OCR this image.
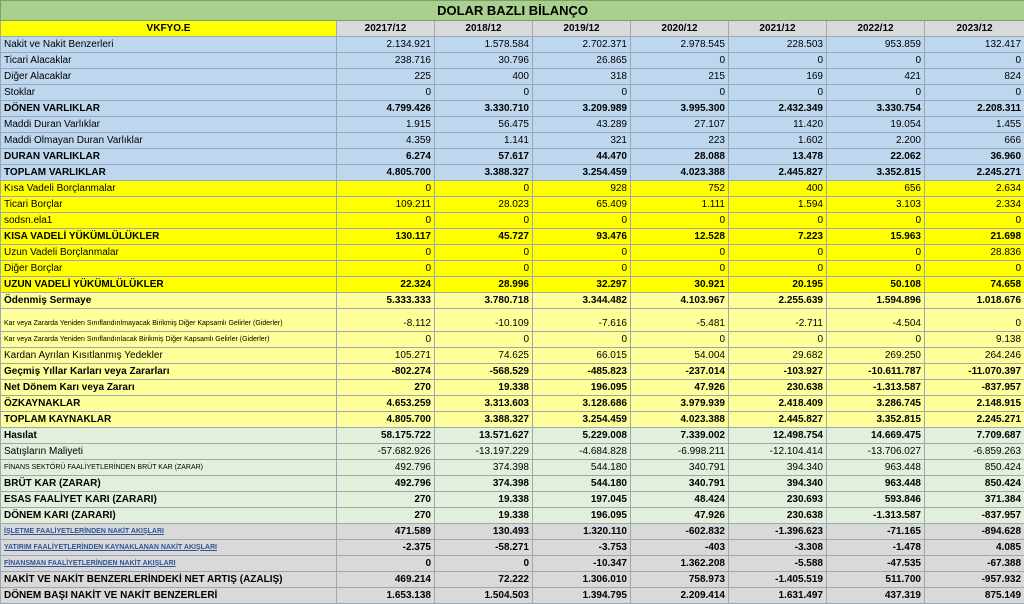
DOLAR BAZLI BİLANÇO							
VKFYO.E	20217/12	2018/12	2019/12	2020/12	2021/12	2022/12	2023/12
Nakit ve Nakit Benzerleri	2.134.921	1.578.584	2.702.371	2.978.545	228.503	953.859	132.417
Ticari Alacaklar	238.716	30.796	26.865	0	0	0	0
Diğer Alacaklar	225	400	318	215	169	421	824
Stoklar	0	0	0	0	0	0	0
DÖNEN VARLIKLAR	4.799.426	3.330.710	3.209.989	3.995.300	2.432.349	3.330.754	2.208.311
Maddi Duran Varlıklar	1.915	56.475	43.289	27.107	11.420	19.054	1.455
Maddi Olmayan Duran Varlıklar	4.359	1.141	321	223	1.602	2.200	666
DURAN VARLIKLAR	6.274	57.617	44.470	28.088	13.478	22.062	36.960
TOPLAM VARLIKLAR	4.805.700	3.388.327	3.254.459	4.023.388	2.445.827	3.352.815	2.245.271
Kısa Vadeli Borçlanmalar	0	0	928	752	400	656	2.634
Ticari Borçlar	109.211	28.023	65.409	1.111	1.594	3.103	2.334
sodsn.ela1	0	0	0	0	0	0	0
KISA VADELİ YÜKÜMLÜLÜKLER	130.117	45.727	93.476	12.528	7.223	15.963	21.698
Uzun Vadeli Borçlanmalar	0	0	0	0	0	0	28.836
Diğer Borçlar	0	0	0	0	0	0	0
UZUN VADELİ YÜKÜMLÜLÜKLER	22.324	28.996	32.297	30.921	20.195	50.108	74.658
Ödenmiş Sermaye	5.333.333	3.780.718	3.344.482	4.103.967	2.255.639	1.594.896	1.018.676
Kar veya Zararda Yeniden Sınıflandırılmayacak Birikmiş Diğer Kapsamlı Gelirler (Giderler)	-8.112	-10.109	-7.616	-5.481	-2.711	-4.504	0
Kar veya Zararda Yeniden Sınıflandırılacak Birikmiş Diğer Kapsamlı Gelirler (Giderler)	0	0	0	0	0	0	9.138
Kardan Ayrılan Kısıtlanmış Yedekler	105.271	74.625	66.015	54.004	29.682	269.250	264.246
Geçmiş Yıllar Karları veya Zararları	-802.274	-568.529	-485.823	-237.014	-103.927	-10.611.787	-11.070.397
Net Dönem Karı veya Zararı	270	19.338	196.095	47.926	230.638	-1.313.587	-837.957
ÖZKAYNAKLAR	4.653.259	3.313.603	3.128.686	3.979.939	2.418.409	3.286.745	2.148.915
TOPLAM KAYNAKLAR	4.805.700	3.388.327	3.254.459	4.023.388	2.445.827	3.352.815	2.245.271
Hasılat	58.175.722	13.571.627	5.229.008	7.339.002	12.498.754	14.669.475	7.709.687
Satışların Maliyeti	-57.682.926	-13.197.229	-4.684.828	-6.998.211	-12.104.414	-13.706.027	-6.859.263
FİNANS SEKTÖRÜ FAALİYETLERİNDEN BRÜT KAR (ZARAR)	492.796	374.398	544.180	340.791	394.340	963.448	850.424
BRÜT KAR (ZARAR)	492.796	374.398	544.180	340.791	394.340	963.448	850.424
ESAS FAALİYET KARI (ZARARI)	270	19.338	197.045	48.424	230.693	593.846	371.384
DÖNEM KARI (ZARARI)	270	19.338	196.095	47.926	230.638	-1.313.587	-837.957
İŞLETME FAALİYETLERİNDEN NAKİT AKIŞLARI	471.589	130.493	1.320.110	-602.832	-1.396.623	-71.165	-894.628
YATIRIM FAALİYETLERİNDEN KAYNAKLANAN NAKİT AKIŞLARI	-2.375	-58.271	-3.753	-403	-3.308	-1.478	4.085
FİNANSMAN FAALİYETLERİNDEN NAKİT AKIŞLARI	0	0	-10.347	1.362.208	-5.588	-47.535	-67.388
NAKİT VE NAKİT BENZERLERİNDEKİ NET ARTIŞ (AZALIŞ)	469.214	72.222	1.306.010	758.973	-1.405.519	511.700	-957.932
DÖNEM BAŞI NAKİT VE NAKİT BENZERLERİ	1.653.138	1.504.503	1.394.795	2.209.414	1.631.497	437.319	875.149
